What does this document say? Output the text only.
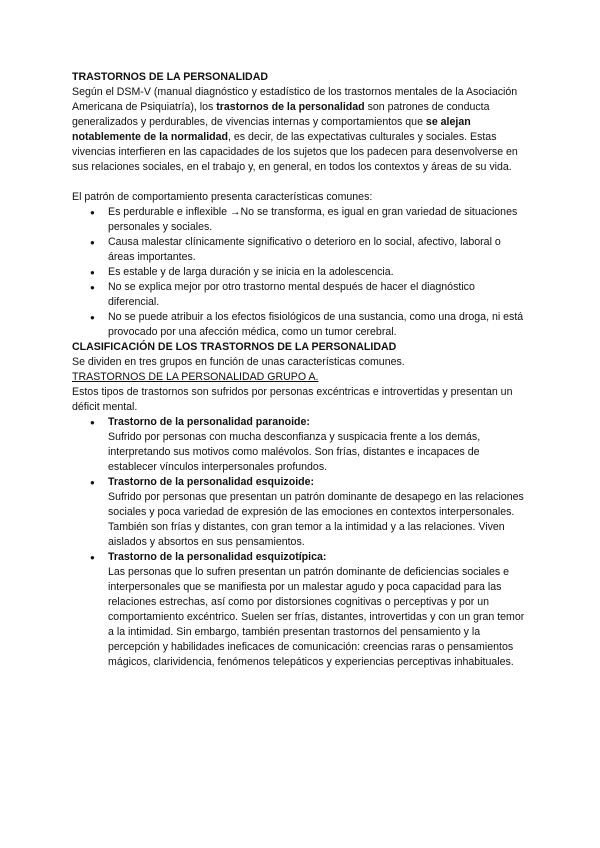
TRASTORNOS DE LA PERSONALIDAD

Según el DSM-V (manual diagnóstico y estadístico de los trastornos mentales de la Asociación Americana de Psiquiatría), los trastornos de la personalidad son patrones de conducta generalizados y perdurables, de vivencias internas y comportamientos que se alejan notablemente de la normalidad, es decir, de las expectativas culturales y sociales. Estas vivencias interfieren en las capacidades de los sujetos que los padecen para desenvolverse en sus relaciones sociales, en el trabajo y, en general, en todos los contextos y áreas de su vida.

El patrón de comportamiento presenta características comunes:

● Es perdurable e inflexible →No se transforma, es igual en gran variedad de situaciones personales y sociales.
● Causa malestar clínicamente significativo o deterioro en lo social, afectivo, laboral o áreas importantes.
● Es estable y de larga duración y se inicia en la adolescencia.
● No se explica mejor por otro trastorno mental después de hacer el diagnóstico diferencial.
● No se puede atribuir a los efectos fisiológicos de una sustancia, como una droga, ni está provocado por una afección médica, como un tumor cerebral.

CLASIFICACIÓN DE LOS TRASTORNOS DE LA PERSONALIDAD

Se dividen en tres grupos en función de unas características comunes.

TRASTORNOS DE LA PERSONALIDAD GRUPO A.

Estos tipos de trastornos son sufridos por personas excéntricas e introvertidas y presentan un déficit mental.

● Trastorno de la personalidad paranoide:
Sufrido por personas con mucha desconfianza y suspicacia frente a los demás, interpretando sus motivos como malévolos. Son frías, distantes e incapaces de establecer vínculos interpersonales profundos.
● Trastorno de la personalidad esquizoide:
Sufrido por personas que presentan un patrón dominante de desapego en las relaciones sociales y poca variedad de expresión de las emociones en contextos interpersonales. También son frías y distantes, con gran temor a la intimidad y a las relaciones. Viven aislados y absortos en sus pensamientos.
● Trastorno de la personalidad esquizotípica:
Las personas que lo sufren presentan un patrón dominante de deficiencias sociales e interpersonales que se manifiesta por un malestar agudo y poca capacidad para las relaciones estrechas, así como por distorsiones cognitivas o perceptivas y por un comportamiento excéntrico. Suelen ser frías, distantes, introvertidas y con un gran temor a la intimidad. Sin embargo, también presentan trastornos del pensamiento y la percepción y habilidades ineficaces de comunicación: creencias raras o pensamientos mágicos, clarividencia, fenómenos telepáticos y experiencias perceptivas inhabituales.
